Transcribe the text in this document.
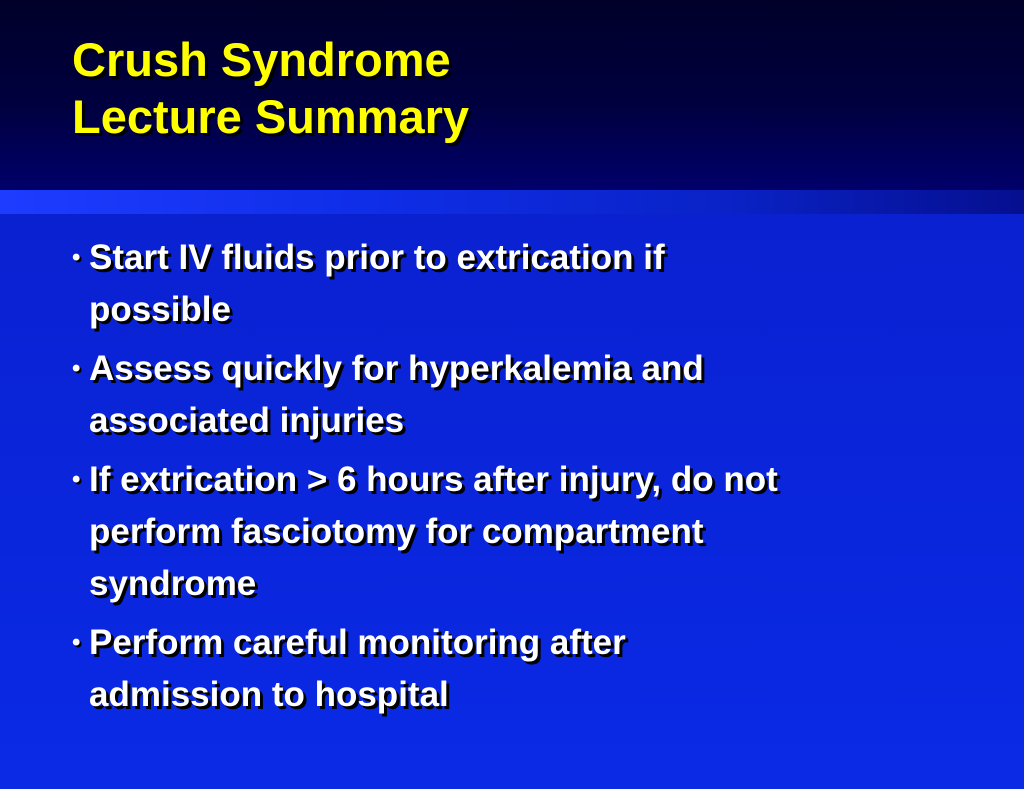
Crush Syndrome
Lecture Summary
• Start IV fluids prior to extrication if
possible
• Assess quickly for hyperkalemia and
associated injuries
• If extrication > 6 hours after injury, do not
perform fasciotomy for compartment
syndrome
• Perform careful monitoring after
admission to hospital
